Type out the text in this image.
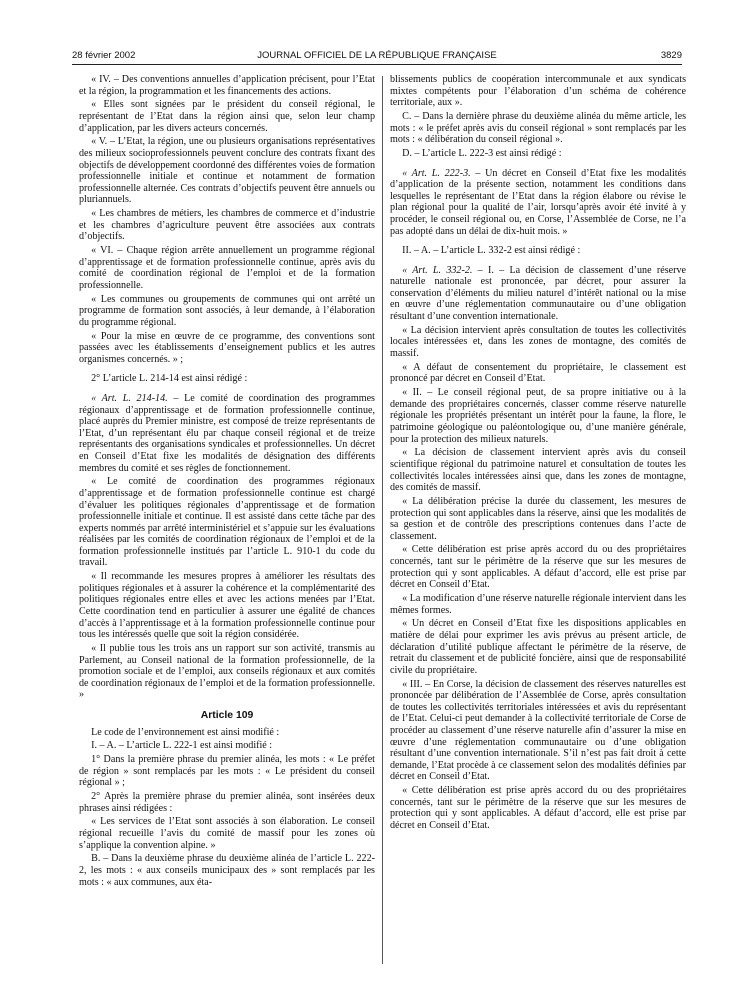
28 février 2002	JOURNAL OFFICIEL DE LA RÉPUBLIQUE FRANÇAISE	3829

« IV. – Des conventions annuelles d’application précisent, pour l’Etat et la région, la programmation et les financements des actions.

« Elles sont signées par le président du conseil régional, le représentant de l’Etat dans la région ainsi que, selon leur champ d’application, par les divers acteurs concernés.

« V. – L’Etat, la région, une ou plusieurs organisations représentatives des milieux socioprofessionnels peuvent conclure des contrats fixant des objectifs de développement coordonné des différentes voies de formation professionnelle initiale et continue et notamment de formation professionnelle alternée. Ces contrats d’objectifs peuvent être annuels ou pluriannuels.

« Les chambres de métiers, les chambres de commerce et d’industrie et les chambres d’agriculture peuvent être associées aux contrats d’objectifs.

« VI. – Chaque région arrête annuellement un programme régional d’apprentissage et de formation professionnelle continue, après avis du comité de coordination régional de l’emploi et de la formation professionnelle.

« Les communes ou groupements de communes qui ont arrêté un programme de formation sont associés, à leur demande, à l’élaboration du programme régional.

« Pour la mise en œuvre de ce programme, des conventions sont passées avec les établissements d’enseignement publics et les autres organismes concernés. » ;

2° L’article L. 214-14 est ainsi rédigé :

« Art. L. 214-14. – Le comité de coordination des programmes régionaux d’apprentissage et de formation professionnelle continue, placé auprès du Premier ministre, est composé de treize représentants de l’Etat, d’un représentant élu par chaque conseil régional et de treize représentants des organisations syndicales et professionnelles. Un décret en Conseil d’Etat fixe les modalités de désignation des différents membres du comité et ses règles de fonctionnement.

« Le comité de coordination des programmes régionaux d’apprentissage et de formation professionnelle continue est chargé d’évaluer les politiques régionales d’apprentissage et de formation professionnelle initiale et continue. Il est assisté dans cette tâche par des experts nommés par arrêté interministériel et s’appuie sur les évaluations réalisées par les comités de coordination régionaux de l’emploi et de la formation professionnelle institués par l’article L. 910-1 du code du travail.

« Il recommande les mesures propres à améliorer les résultats des politiques régionales et à assurer la cohérence et la complémentarité des politiques régionales entre elles et avec les actions menées par l’Etat. Cette coordination tend en particulier à assurer une égalité de chances d’accès à l’apprentissage et à la formation professionnelle continue pour tous les intéressés quelle que soit la région considérée.

« Il publie tous les trois ans un rapport sur son activité, transmis au Parlement, au Conseil national de la formation professionnelle, de la promotion sociale et de l’emploi, aux conseils régionaux et aux comités de coordination régionaux de l’emploi et de la formation professionnelle. »

Article 109

Le code de l’environnement est ainsi modifié :

I. – A. – L’article L. 222-1 est ainsi modifié :

1° Dans la première phrase du premier alinéa, les mots : « Le préfet de région » sont remplacés par les mots : « Le président du conseil régional » ;

2° Après la première phrase du premier alinéa, sont insérées deux phrases ainsi rédigées :

« Les services de l’Etat sont associés à son élaboration. Le conseil régional recueille l’avis du comité de massif pour les zones où s’applique la convention alpine. »

B. – Dans la deuxième phrase du deuxième alinéa de l’article L. 222-2, les mots : « aux conseils municipaux des » sont remplacés par les mots : « aux communes, aux éta-

blissements publics de coopération intercommunale et aux syndicats mixtes compétents pour l’élaboration d’un schéma de cohérence territoriale, aux ».

C. – Dans la dernière phrase du deuxième alinéa du même article, les mots : « le préfet après avis du conseil régional » sont remplacés par les mots : « délibération du conseil régional ».

D. – L’article L. 222-3 est ainsi rédigé :

« Art. L. 222-3. – Un décret en Conseil d’Etat fixe les modalités d’application de la présente section, notamment les conditions dans lesquelles le représentant de l’Etat dans la région élabore ou révise le plan régional pour la qualité de l’air, lorsqu’après avoir été invité à y procéder, le conseil régional ou, en Corse, l’Assemblée de Corse, ne l’a pas adopté dans un délai de dix-huit mois. »

II. – A. – L’article L. 332-2 est ainsi rédigé :

« Art. L. 332-2. – I. – La décision de classement d’une réserve naturelle nationale est prononcée, par décret, pour assurer la conservation d’éléments du milieu naturel d’intérêt national ou la mise en œuvre d’une réglementation communautaire ou d’une obligation résultant d’une convention internationale.

« La décision intervient après consultation de toutes les collectivités locales intéressées et, dans les zones de montagne, des comités de massif.

« A défaut de consentement du propriétaire, le classement est prononcé par décret en Conseil d’Etat.

« II. – Le conseil régional peut, de sa propre initiative ou à la demande des propriétaires concernés, classer comme réserve naturelle régionale les propriétés présentant un intérêt pour la faune, la flore, le patrimoine géologique ou paléontologique ou, d’une manière générale, pour la protection des milieux naturels.

« La décision de classement intervient après avis du conseil scientifique régional du patrimoine naturel et consultation de toutes les collectivités locales intéressées ainsi que, dans les zones de montagne, des comités de massif.

« La délibération précise la durée du classement, les mesures de protection qui sont applicables dans la réserve, ainsi que les modalités de sa gestion et de contrôle des prescriptions contenues dans l’acte de classement.

« Cette délibération est prise après accord du ou des propriétaires concernés, tant sur le périmètre de la réserve que sur les mesures de protection qui y sont applicables. A défaut d’accord, elle est prise par décret en Conseil d’Etat.

« La modification d’une réserve naturelle régionale intervient dans les mêmes formes.

« Un décret en Conseil d’Etat fixe les dispositions applicables en matière de délai pour exprimer les avis prévus au présent article, de déclaration d’utilité publique affectant le périmètre de la réserve, de retrait du classement et de publicité foncière, ainsi que de responsabilité civile du propriétaire.

« III. – En Corse, la décision de classement des réserves naturelles est prononcée par délibération de l’Assemblée de Corse, après consultation de toutes les collectivités territoriales intéressées et avis du représentant de l’Etat. Celui-ci peut demander à la collectivité territoriale de Corse de procéder au classement d’une réserve naturelle afin d’assurer la mise en œuvre d’une réglementation communautaire ou d’une obligation résultant d’une convention internationale. S’il n’est pas fait droit à cette demande, l’Etat procède à ce classement selon des modalités définies par décret en Conseil d’Etat.

« Cette délibération est prise après accord du ou des propriétaires concernés, tant sur le périmètre de la réserve que sur les mesures de protection qui y sont applicables. A défaut d’accord, elle est prise par décret en Conseil d’Etat.
